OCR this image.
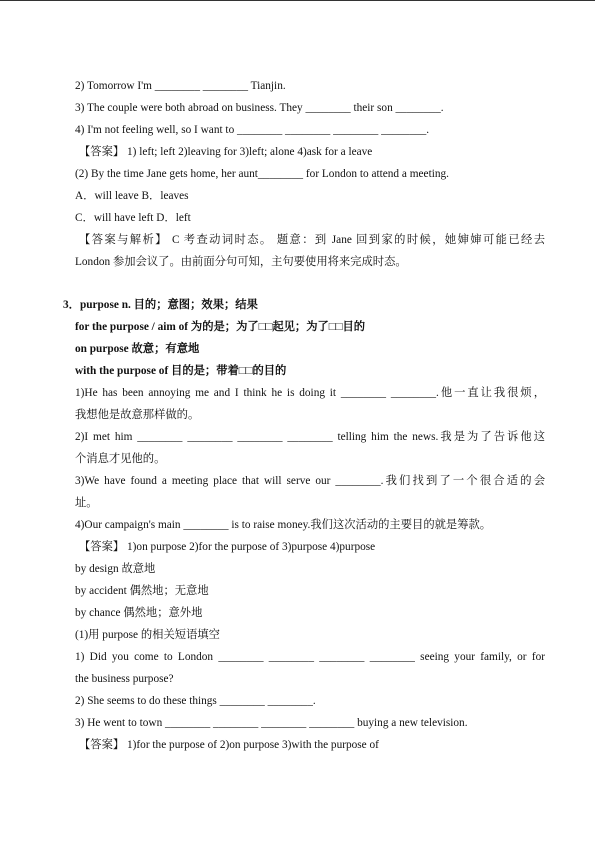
2) Tomorrow I'm ________ ________ Tianjin.
3) The couple were both abroad on business. They ________ their son ________.
4) I'm not feeling well, so I want to ________ ________ ________ ________.
【答案】 1) left; left 2)leaving for 3)left; alone 4)ask for a leave
(2) By the time Jane gets home, her aunt________ for London to attend a meeting.
A．will leave B．leaves
C．will have left D．left
【答案与解析】 C 考查动词时态。 题意：到 Jane 回到家的时候，她婶婶可能已经去
London 参加会议了。由前面分句可知，主句要使用将来完成时态。
3．purpose n. 目的；意图；效果；结果
for the purpose / aim of 为的是；为了□□起见；为了□□目的
on purpose 故意；有意地
with the purpose of 目的是；带着□□的目的
1)He has been annoying me and I think he is doing it ________ ________.他一直让我很烦，
我想他是故意那样做的。
2)I met him ________ ________ ________ ________ telling him the news.我是为了告诉他这
个消息才见他的。
3)We have found a meeting place that will serve our ________.我们找到了一个很合适的会
址。
4)Our campaign's main ________ is to raise money.我们这次活动的主要目的就是筹款。
【答案】 1)on purpose 2)for the purpose of 3)purpose 4)purpose
by design 故意地
by accident 偶然地；无意地
by chance 偶然地；意外地
(1)用 purpose 的相关短语填空
1) Did you come to London ________ ________ ________ ________ seeing your family, or for
the business purpose?
2) She seems to do these things ________ ________.
3) He went to town ________ ________ ________ ________ buying a new television.
【答案】 1)for the purpose of 2)on purpose 3)with the purpose of
